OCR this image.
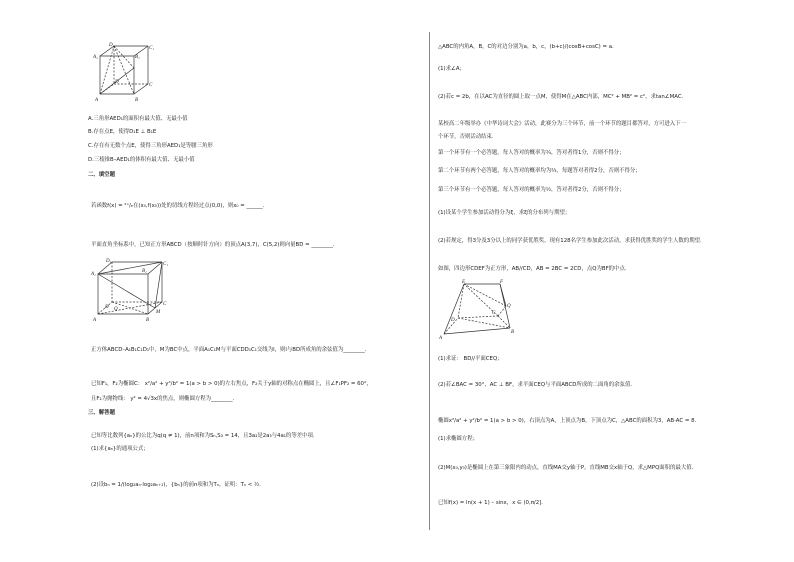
D₁
C₁
A₁	B₁
D
C
A	B
A.三角形AED₁的面积有最大值、无最小值
B.存在点E，使得D₁E ⊥ B₁E
C.存在有无数个点E，使得三角形AED₁是等腰三角形
D.三棱锥B–AED₁的体积有最大值、无最小值
二、填空题
若函数f(x) = ²ˣ/ₑ在(x₀,f(x₀))处的切线方程经过点(0,0)，则x₀ = ______.
平面直角坐标系中，已知正方形ABCD（按顺时针方向）的顶点A(3,7)，C(5,2)则向量BD = ________.
D₁
C₁
A₁
B₁
D Q
C
M
A	B
正方体ABCD–A₁B₁C₁D₁中，M为BC中点，平面A₁C₁M与平面CDD₁C₁交线为l，则l与BD所成角的余弦值为________.
已知F₁，F₂为椭圆C： x²/a² + y²/b² = 1(a > b > 0)的左右焦点，F₂关于y轴的对称点在椭圆上，且∠F₁PF₂ = 60°，
且F₂为抛物线： y² = 4√3x的焦点，则椭圆方程为________.
三、解答题
已知等比数列{aₙ}的公比为q(q ≠ 1)，前n项和为Sₙ,S₃ = 14，且3a₂是2a₃与4a₁的等差中项.
(1)求{aₙ}的通项公式；
(2)设bₙ = 1/(log₂aₙ·log₂aₙ₊₁)，{bₙ}的前n项和为Tₙ，证明：Tₙ < ½.
△ABC的内角A，B，C的对边分别为a，b，c，(b+c)/(cosB+cosC) = a.
(1)求∠A；
(2)若c = 2b，在以AC为直径的圆上取一点M，使得M在△ABC内部，MC² + MB² = c²，求tan∠MAC.
某校高二年级举办《中华诗词大会》活动，此赛分为三个环节，前一个环节的题目都答对，方可进入下一
个环节，否则活动结束.
第一个环节有一个必答题，每人答对的概率为¾，答对者得1分，否则不得分；
第二个环节有两个必答题，每人答对的概率均为⅔，每题答对者得2分，否则不得分；
第三个环节有一个必答题，每人答对的概率为½，答对者得2分，否则不得分；
(1)设某个学生参加活动得分为ξ，求ξ的分布列与期望；
(2)若规定，得3分及3分以上的同学获优胜奖，现有128名学生参加此次活动，求获得优胜奖的学生人数的期望.
如图，四边形CDEF为正方形，AB//CD，AB = 2BC = 2CD，点Q为BF的中点.
E	F
D
C
Q
A
B
(1)求证： BD//平面CEQ；
(2)若∠BAC = 30°，AC ⊥ BF，求平面CEQ与平面ABCD所成的二面角的余弦值.
椭圆x²/a² + y²/b² = 1(a > b > 0)，右顶点为A，上顶点为B，下顶点为C，△ABC的面积为3，AB·AC = 8.
(1)求椭圆方程；
(2)M(x₀,y₀)是椭圆上在第三象限内的动点，直线MA交y轴于P，直线MB交x轴于Q，求△MPQ面积的最大值.
已知f(x) = ln(x + 1) – sinx，x ∈ (0,π/2].
